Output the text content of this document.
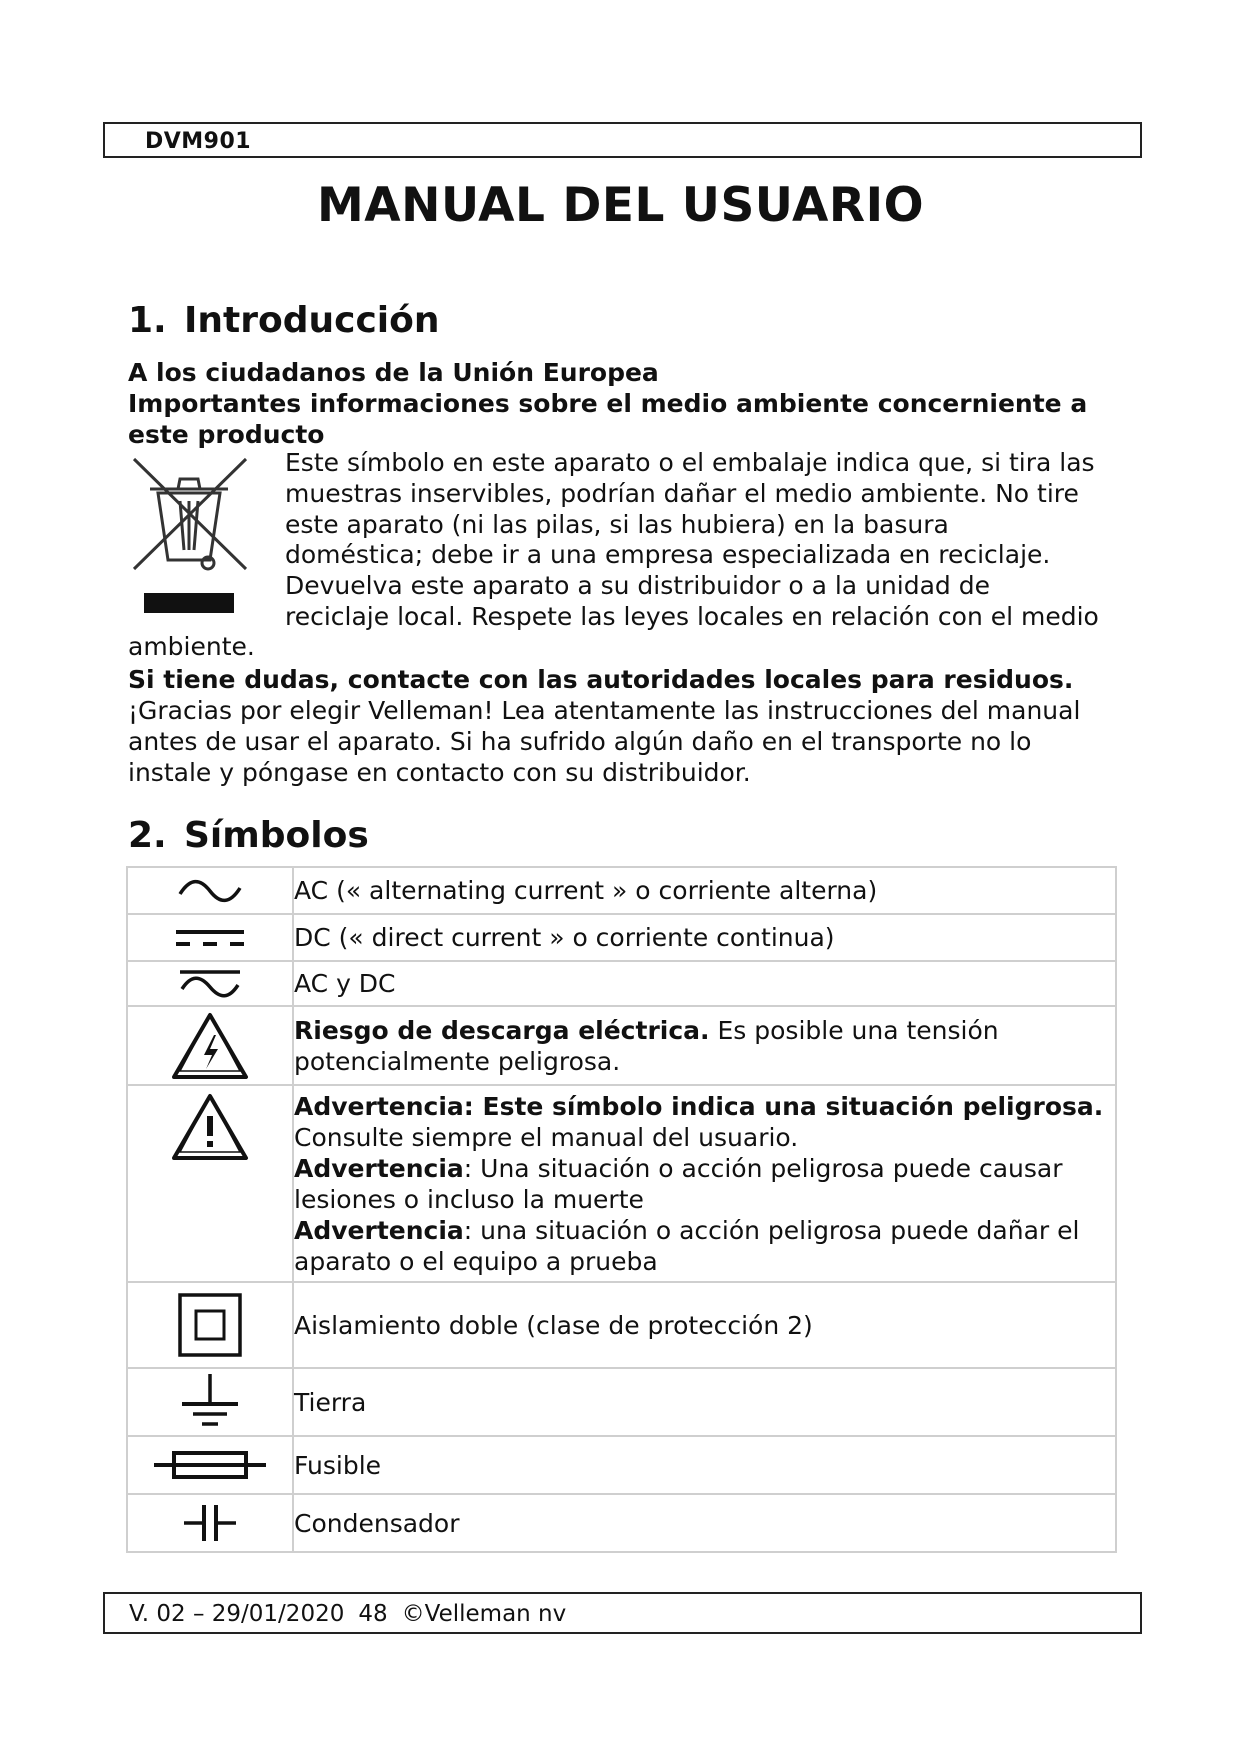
DVM901
MANUAL DEL USUARIO
1. Introducción

A los ciudadanos de la Unión Europea

Importantes informaciones sobre el medio ambiente concerniente a

este producto

Este símbolo en este aparato o el embalaje indica que, si tira las
muestras inservibles, podrían dañar el medio ambiente. No tire
este aparato (ni las pilas, si las hubiera) en la basura
doméstica; debe ir a una empresa especializada en reciclaje.
Devuelva este aparato a su distribuidor o a la unidad de
reciclaje local. Respete las leyes locales en relación con el medio

ambiente.

Si tiene dudas, contacte con las autoridades locales para residuos.

¡Gracias por elegir Velleman! Lea atentamente las instrucciones del manual
antes de usar el aparato. Si ha sufrido algún daño en el transporte no lo
instale y póngase en contacto con su distribuidor.
2. Símbolos
	AC (« alternating current » o corriente alterna)

	DC (« direct current » o corriente continua)

	AC y DC

	Riesgo de descarga eléctrica. Es posible una tensión potencialmente peligrosa.

Advertencia: Este símbolo indica una situación peligrosa. Consulte siempre el manual del usuario.
Advertencia: Una situación o acción peligrosa puede causar lesiones o incluso la muerte
Advertencia: una situación o acción peligrosa puede dañar el aparato o el equipo a prueba

	Aislamiento doble (clase de protección 2)

	Tierra

	Fusible

	Condensador
V. 02 – 29/01/2020 48 ©Velleman nv
